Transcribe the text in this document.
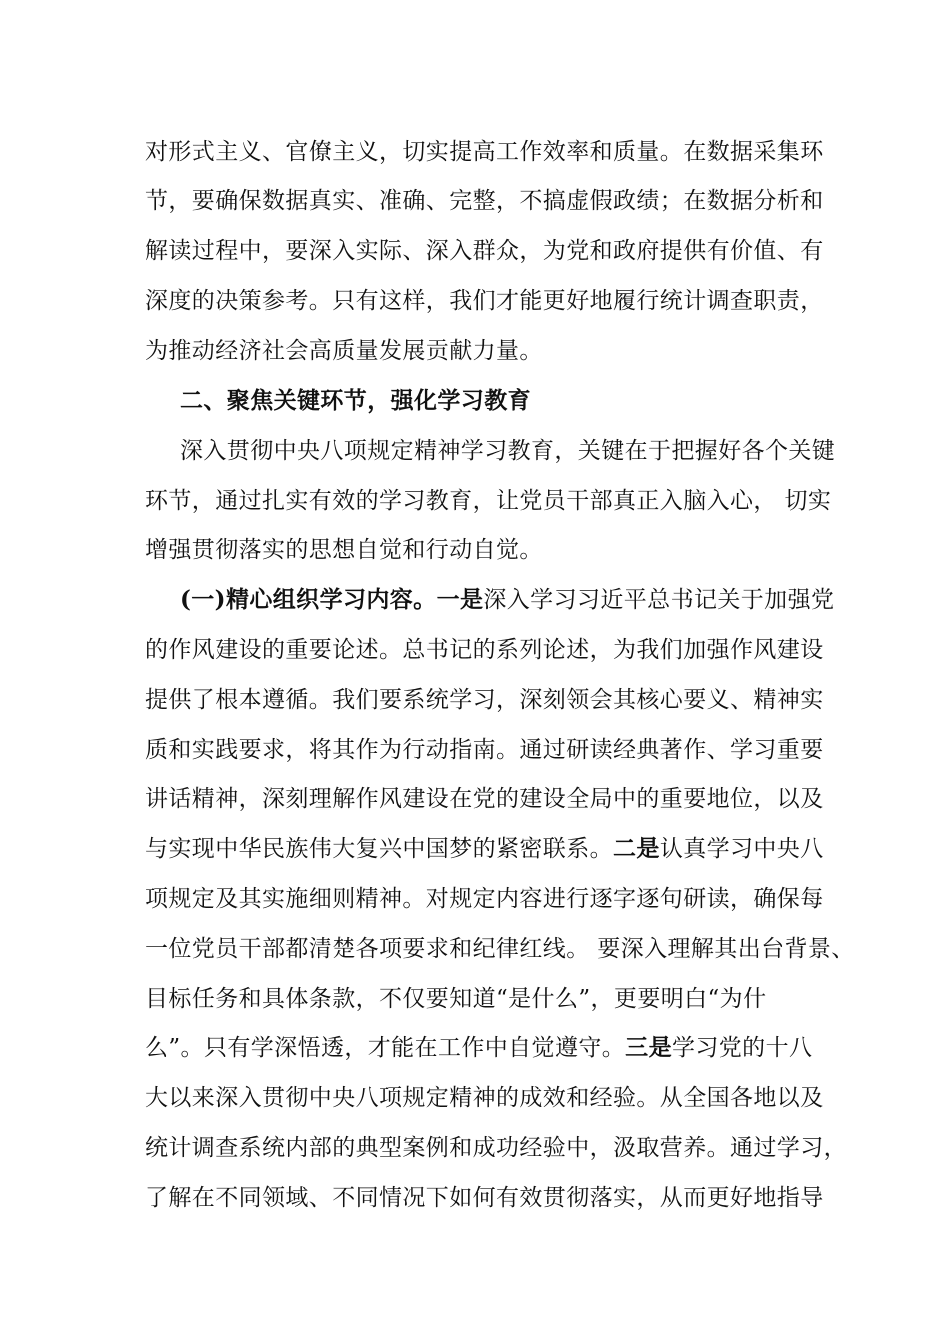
对形式主义、官僚主义，切实提高工作效率和质量。在数据采集环
节，要确保数据真实、准确、完整，不搞虚假政绩；在数据分析和
解读过程中，要深入实际、深入群众，为党和政府提供有价值、有
深度的决策参考。只有这样，我们才能更好地履行统计调查职责，
为推动经济社会高质量发展贡献力量。
二、聚焦关键环节，强化学习教育
深入贯彻中央八项规定精神学习教育，关键在于把握好各个关键
环节，通过扎实有效的学习教育，让党员干部真正入脑入心， 切实
增强贯彻落实的思想自觉和行动自觉。
(一)精心组织学习内容。一是深入学习习近平总书记关于加强党
的作风建设的重要论述。总书记的系列论述，为我们加强作风建设
提供了根本遵循。我们要系统学习，深刻领会其核心要义、精神实
质和实践要求，将其作为行动指南。通过研读经典著作、学习重要
讲话精神，深刻理解作风建设在党的建设全局中的重要地位，以及
与实现中华民族伟大复兴中国梦的紧密联系。二是认真学习中央八
项规定及其实施细则精神。对规定内容进行逐字逐句研读，确保每
一位党员干部都清楚各项要求和纪律红线。 要深入理解其出台背景、
目标任务和具体条款，不仅要知道“是什么”，更要明白“为什
么”。只有学深悟透，才能在工作中自觉遵守。三是学习党的十八
大以来深入贯彻中央八项规定精神的成效和经验。从全国各地以及
统计调查系统内部的典型案例和成功经验中，汲取营养。通过学习，
了解在不同领域、不同情况下如何有效贯彻落实，从而更好地指导
